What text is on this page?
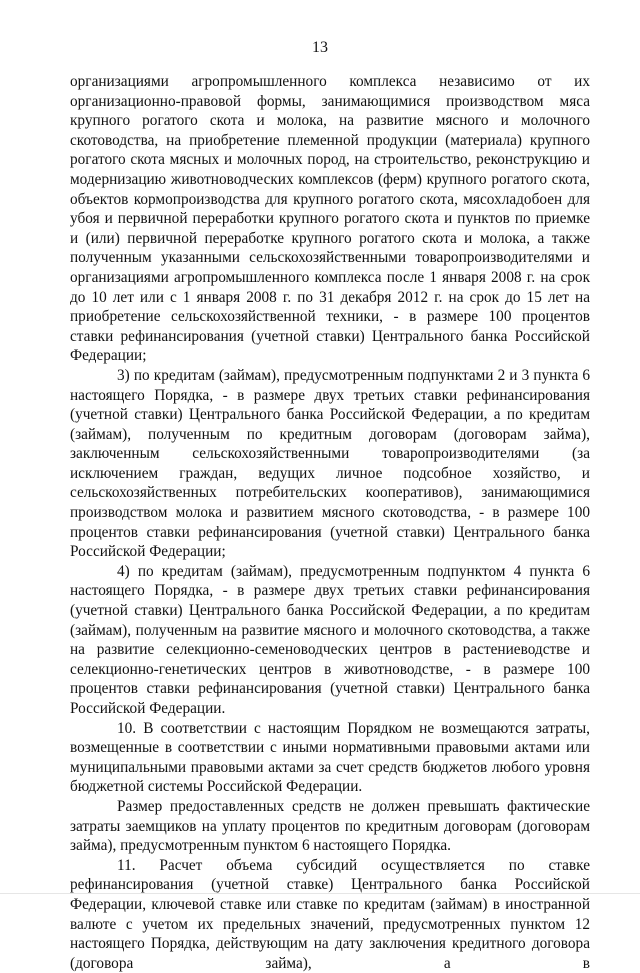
13

организациями агропромышленного комплекса независимо от их организационно-правовой формы, занимающимися производством мяса крупного рогатого скота и молока, на развитие мясного и молочного скотоводства, на приобретение племенной продукции (материала) крупного рогатого скота мясных и молочных пород, на строительство, реконструкцию и модернизацию животноводческих комплексов (ферм) крупного рогатого скота, объектов кормопроизводства для крупного рогатого скота, мясохладобоен для убоя и первичной переработки крупного рогатого скота и пунктов по приемке и (или) первичной переработке крупного рогатого скота и молока, а также полученным указанными сельскохозяйственными товаропроизводителями и организациями агропромышленного комплекса после 1 января 2008 г. на срок до 10 лет или с 1 января 2008 г. по 31 декабря 2012 г. на срок до 15 лет на приобретение сельскохозяйственной техники, - в размере 100 процентов ставки рефинансирования (учетной ставки) Центрального банка Российской Федерации;

3) по кредитам (займам), предусмотренным подпунктами 2 и 3 пункта 6 настоящего Порядка, - в размере двух третьих ставки рефинансирования (учетной ставки) Центрального банка Российской Федерации, а по кредитам (займам), полученным по кредитным договорам (договорам займа), заключенным сельскохозяйственными товаропроизводителями (за исключением граждан, ведущих личное подсобное хозяйство, и сельскохозяйственных потребительских кооперативов), занимающимися производством молока и развитием мясного скотоводства, - в размере 100 процентов ставки рефинансирования (учетной ставки) Центрального банка Российской Федерации;

4) по кредитам (займам), предусмотренным подпунктом 4 пункта 6 настоящего Порядка, - в размере двух третьих ставки рефинансирования (учетной ставки) Центрального банка Российской Федерации, а по кредитам (займам), полученным на развитие мясного и молочного скотоводства, а также на развитие селекционно-семеноводческих центров в растениеводстве и селекционно-генетических центров в животноводстве, - в размере 100 процентов ставки рефинансирования (учетной ставки) Центрального банка Российской Федерации.

10. В соответствии с настоящим Порядком не возмещаются затраты, возмещенные в соответствии с иными нормативными правовыми актами или муниципальными правовыми актами за счет средств бюджетов любого уровня бюджетной системы Российской Федерации.

Размер предоставленных средств не должен превышать фактические затраты заемщиков на уплату процентов по кредитным договорам (договорам займа), предусмотренным пунктом 6 настоящего Порядка.

11. Расчет объема субсидий осуществляется по ставке рефинансирования (учетной ставке) Центрального банка Российской Федерации, ключевой ставке или ставке по кредитам (займам) в иностранной валюте с учетом их предельных значений, предусмотренных пунктом 12 настоящего Порядка, действующим на дату заключения кредитного договора (договора займа), а в
